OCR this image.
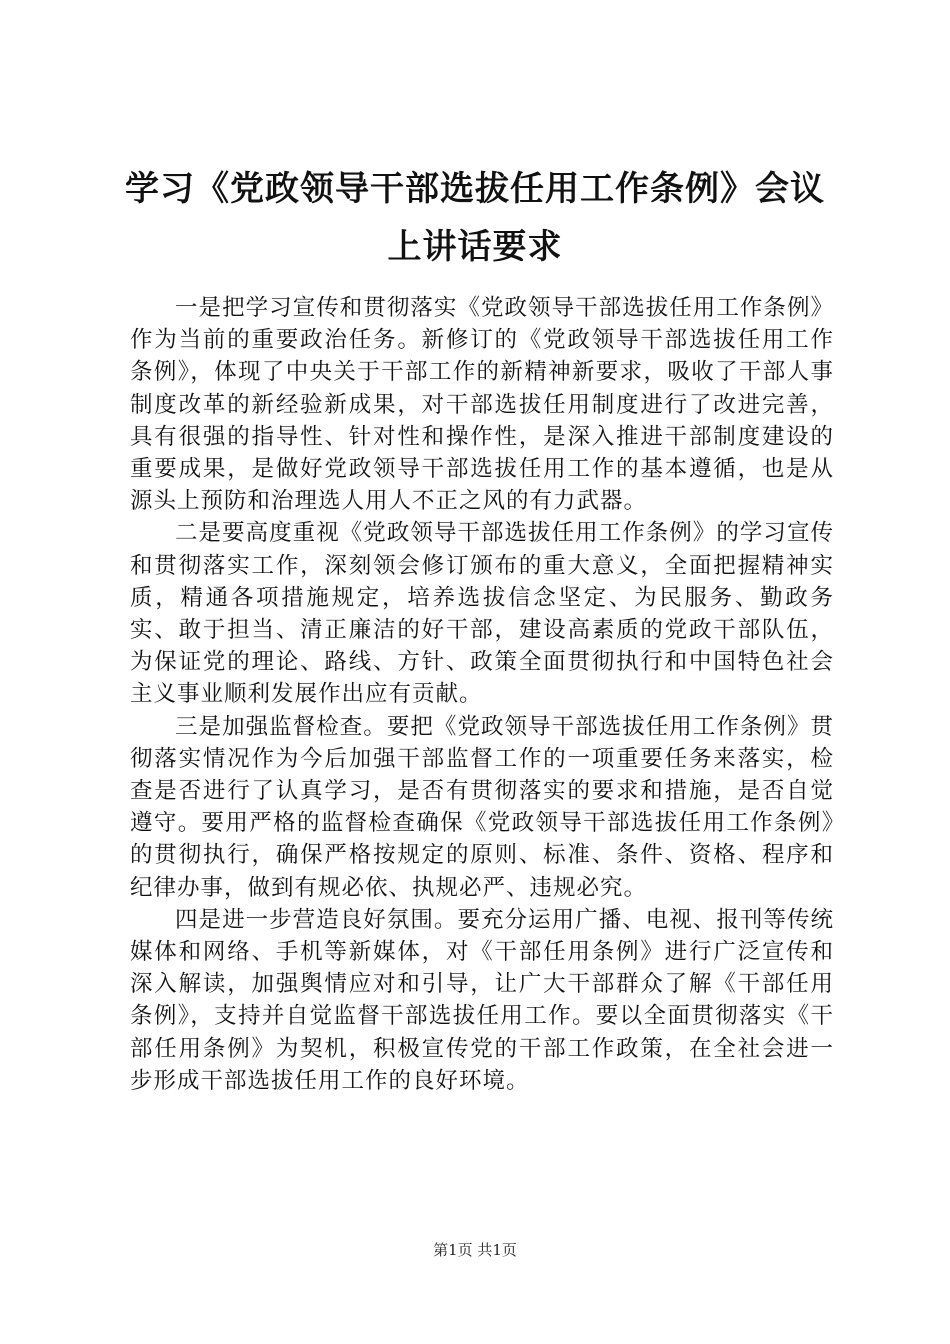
学习《党政领导干部选拔任用工作条例》会议
上讲话要求

一是把学习宣传和贯彻落实《党政领导干部选拔任用工作条例》作为当前的重要政治任务。新修订的《党政领导干部选拔任用工作条例》，体现了中央关于干部工作的新精神新要求，吸收了干部人事制度改革的新经验新成果，对干部选拔任用制度进行了改进完善，具有很强的指导性、针对性和操作性，是深入推进干部制度建设的重要成果，是做好党政领导干部选拔任用工作的基本遵循，也是从源头上预防和治理选人用人不正之风的有力武器。

二是要高度重视《党政领导干部选拔任用工作条例》的学习宣传和贯彻落实工作，深刻领会修订颁布的重大意义，全面把握精神实质，精通各项措施规定，培养选拔信念坚定、为民服务、勤政务实、敢于担当、清正廉洁的好干部，建设高素质的党政干部队伍，为保证党的理论、路线、方针、政策全面贯彻执行和中国特色社会主义事业顺利发展作出应有贡献。

三是加强监督检查。要把《党政领导干部选拔任用工作条例》贯彻落实情况作为今后加强干部监督工作的一项重要任务来落实，检查是否进行了认真学习，是否有贯彻落实的要求和措施，是否自觉遵守。要用严格的监督检查确保《党政领导干部选拔任用工作条例》的贯彻执行，确保严格按规定的原则、标准、条件、资格、程序和纪律办事，做到有规必依、执规必严、违规必究。

四是进一步营造良好氛围。要充分运用广播、电视、报刊等传统媒体和网络、手机等新媒体，对《干部任用条例》进行广泛宣传和深入解读，加强舆情应对和引导，让广大干部群众了解《干部任用条例》，支持并自觉监督干部选拔任用工作。要以全面贯彻落实《干部任用条例》为契机，积极宣传党的干部工作政策，在全社会进一步形成干部选拔任用工作的良好环境。

第1页 共1页
